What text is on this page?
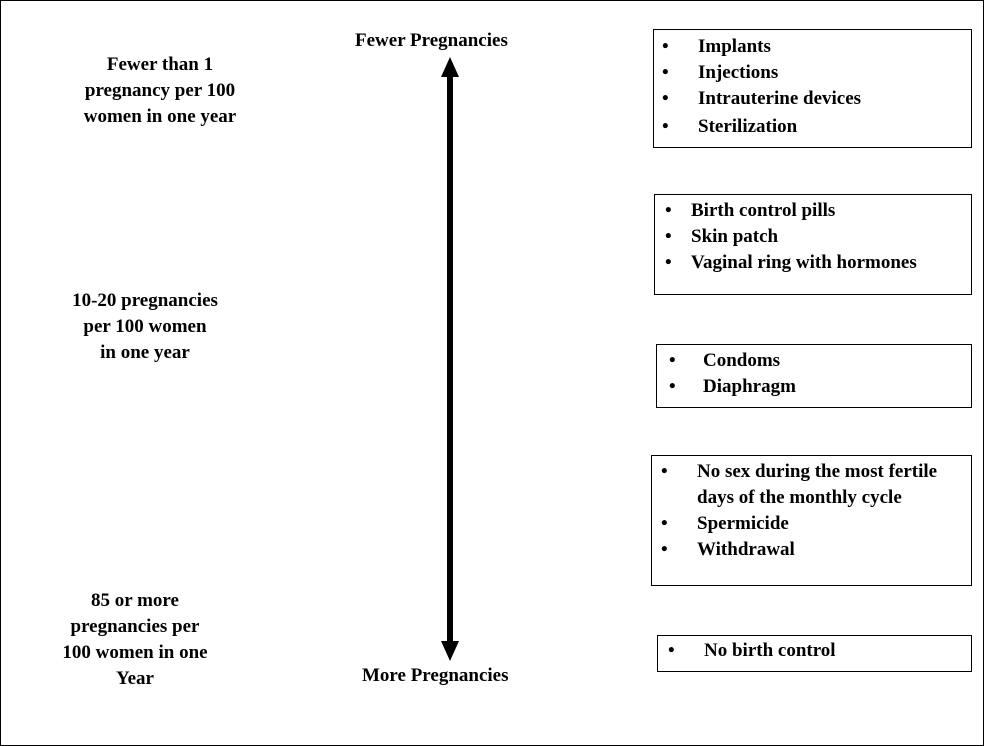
Fewer than 1
pregnancy per 100
women in one year
10-20 pregnancies
per 100 women
in one year
85 or more
pregnancies per
100 women in one
Year
Fewer Pregnancies
More Pregnancies
•	Implants
•	Injections
•	Intrauterine devices
•	Sterilization
•	Birth control pills
•	Skin patch
•	Vaginal ring with hormones
•	Condoms
•	Diaphragm
•	No sex during the most fertile days of the monthly cycle
•	Spermicide
•	Withdrawal
•	No birth control
